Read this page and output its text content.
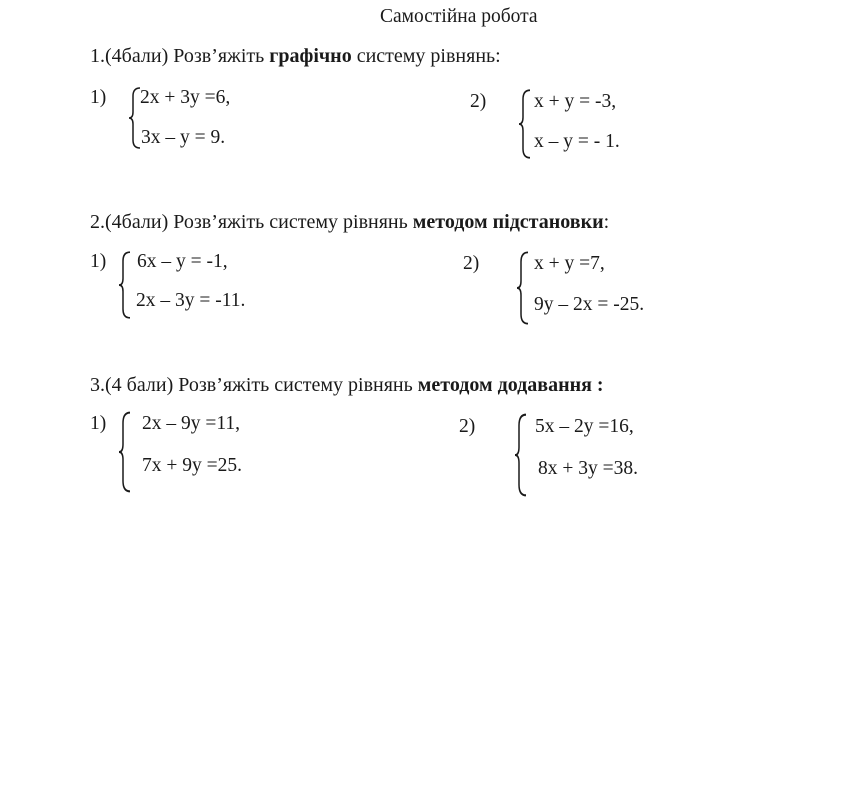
Самостійна робота
1.(4бали) Розв’яжіть графічно систему рівнянь:
1) 2x + 3y =6,
3x – y = 9.
2) x + y = -3,
x – y = - 1.
2.(4бали) Розв’яжіть систему рівнянь методом підстановки:
1) 6x – y = -1,
2x – 3y = -11.
2)	x + y =7,
9y – 2x = -25.
3.(4 бали) Розв’яжіть систему рівнянь методом додавання :
1) 2x – 9y =11,
7x + 9y =25.
2)	5x – 2y =16,
8x + 3y =38.
